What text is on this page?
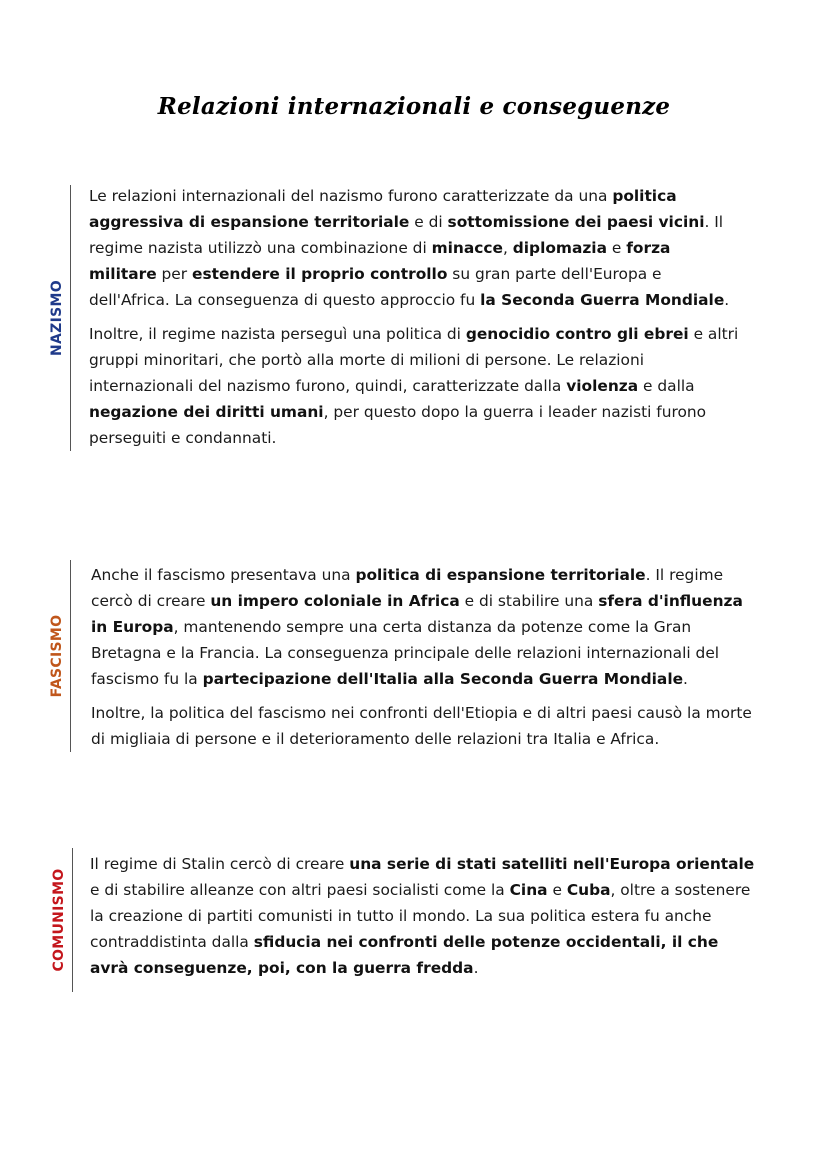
Relazioni internazionali e conseguenze
NAZISMO

Le relazioni internazionali del nazismo furono caratterizzate da una politica aggressiva di espansione territoriale e di sottomissione dei paesi vicini. Il regime nazista utilizzò una combinazione di minacce, diplomazia e forza militare per estendere il proprio controllo su gran parte dell'Europa e dell'Africa. La conseguenza di questo approccio fu la Seconda Guerra Mondiale.

Inoltre, il regime nazista perseguì una politica di genocidio contro gli ebrei e altri gruppi minoritari, che portò alla morte di milioni di persone. Le relazioni internazionali del nazismo furono, quindi, caratterizzate dalla violenza e dalla negazione dei diritti umani, per questo dopo la guerra i leader nazisti furono perseguiti e condannati.

FASCISMO

Anche il fascismo presentava una politica di espansione territoriale. Il regime cercò di creare un impero coloniale in Africa e di stabilire una sfera d'influenza in Europa, mantenendo sempre una certa distanza da potenze come la Gran Bretagna e la Francia. La conseguenza principale delle relazioni internazionali del fascismo fu la partecipazione dell'Italia alla Seconda Guerra Mondiale.

Inoltre, la politica del fascismo nei confronti dell'Etiopia e di altri paesi causò la morte di migliaia di persone e il deterioramento delle relazioni tra Italia e Africa.

COMUNISMO

Il regime di Stalin cercò di creare una serie di stati satelliti nell'Europa orientale e di stabilire alleanze con altri paesi socialisti come la Cina e Cuba, oltre a sostenere la creazione di partiti comunisti in tutto il mondo. La sua politica estera fu anche contraddistinta dalla sfiducia nei confronti delle potenze occidentali, il che avrà conseguenze, poi, con la guerra fredda.
